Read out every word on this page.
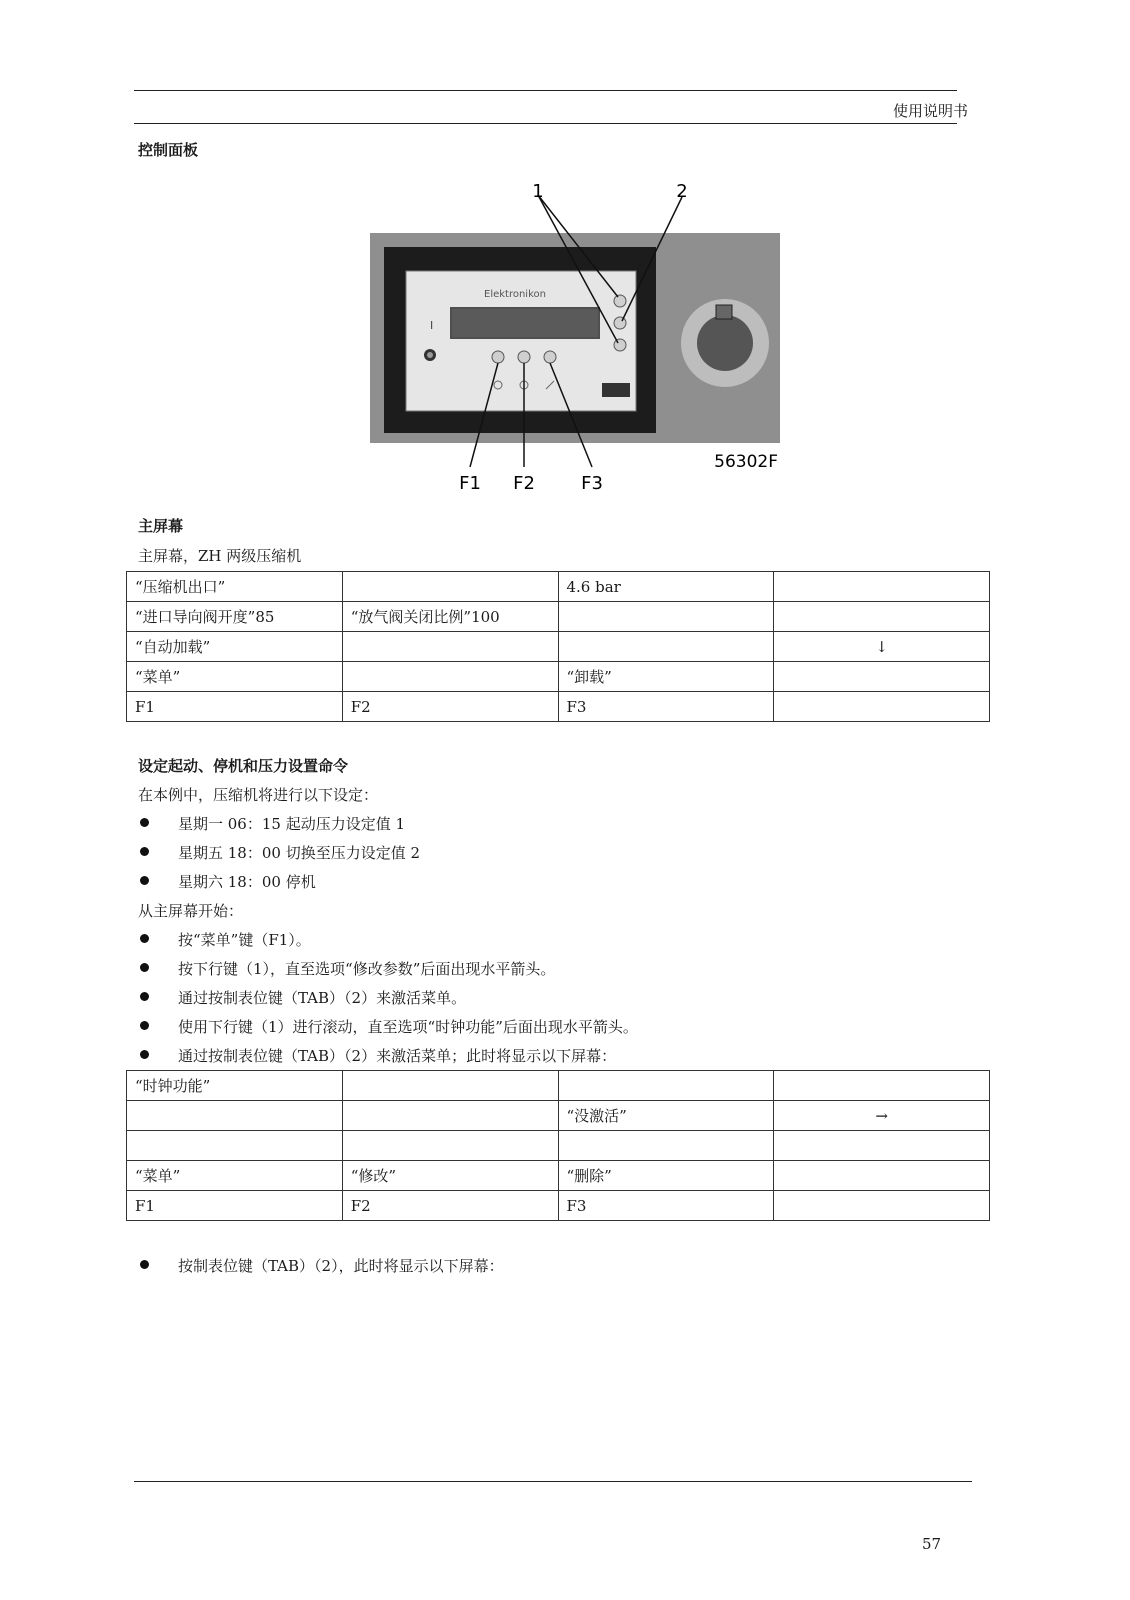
使用说明书
控制面板
Elektronikon
I
1	2
F1 F2	F3
56302F
主屏幕
主屏幕，ZH 两级压缩机
“压缩机出口”		4.6 bar	
“进口导向阀开度”85	“放气阀关闭比例”100		
“自动加载”			↓
“菜单”		“卸载”	
F1	F2	F3	
设定起动、停机和压力设置命令
在本例中，压缩机将进行以下设定：
星期一 06：15 起动压力设定值 1
星期五 18：00 切换至压力设定值 2
星期六 18：00 停机
从主屏幕开始：
按“菜单”键（F1）。
按下行键（1），直至选项“修改参数”后面出现水平箭头。
通过按制表位键（TAB）（2）来激活菜单。
使用下行键（1）进行滚动，直至选项“时钟功能”后面出现水平箭头。
通过按制表位键（TAB）（2）来激活菜单；此时将显示以下屏幕：
“时钟功能”			
		“没激活”	→

“菜单”	“修改”	“删除”	
F1	F2	F3	
按制表位键（TAB）（2），此时将显示以下屏幕：
57
